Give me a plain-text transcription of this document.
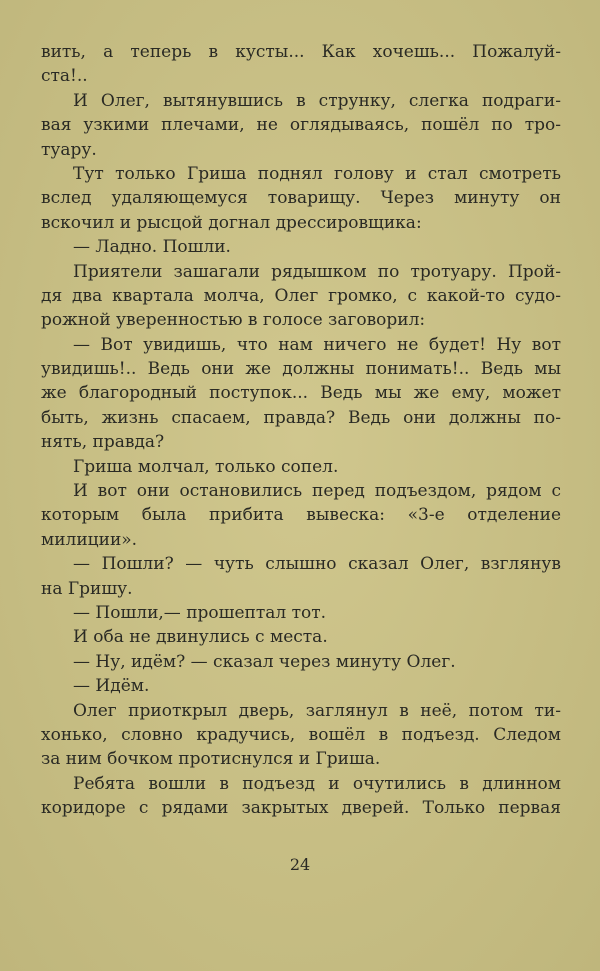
вить, а теперь в кусты... Как хочешь... Пожалуй-
ста!..
И Олег, вытянувшись в струнку, слегка подраги-
вая узкими плечами, не оглядываясь, пошёл по тро-
туару.
Тут только Гриша поднял голову и стал смотреть
вслед удаляющемуся товарищу. Через минуту он
вскочил и рысцой догнал дрессировщика:
— Ладно. Пошли.
Приятели зашагали рядышком по тротуару. Прой-
дя два квартала молча, Олег громко, с какой-то судо-
рожной уверенностью в голосе заговорил:
— Вот увидишь, что нам ничего не будет! Ну вот
увидишь!.. Ведь они же должны понимать!.. Ведь мы
же благородный поступок... Ведь мы же ему, может
быть, жизнь спасаем, правда? Ведь они должны по-
нять, правда?
Гриша молчал, только сопел.
И вот они остановились перед подъездом, рядом с
которым была прибита вывеска: «3-е отделение
милиции».
— Пошли? — чуть слышно сказал Олег, взглянув
на Гришу.
— Пошли,— прошептал тот.
И оба не двинулись с места.
— Ну, идём? — сказал через минуту Олег.
— Идём.
Олег приоткрыл дверь, заглянул в неё, потом ти-
хонько, словно крадучись, вошёл в подъезд. Следом
за ним бочком протиснулся и Гриша.
Ребята вошли в подъезд и очутились в длинном
коридоре с рядами закрытых дверей. Только первая
24
